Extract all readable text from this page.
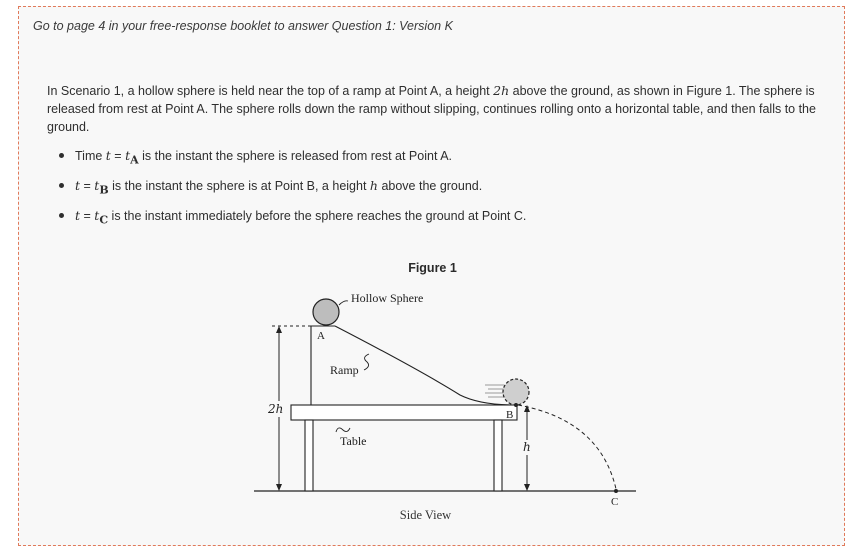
Go to page 4 in your free-response booklet to answer Question 1: Version K
In Scenario 1, a hollow sphere is held near the top of a ramp at Point A, a height 2h above the ground, as shown in Figure 1. The sphere is released from rest at Point A. The sphere rolls down the ramp without slipping, continues rolling onto a horizontal table, and then falls to the ground.
Time $t = t_A$ is the instant the sphere is released from rest at Point A.
$t = t_B$ is the instant the sphere is at Point B, a height h above the ground.
$t = t_C$ is the instant immediately before the sphere reaches the ground at Point C.
Figure 1
2h
A
Hollow Sphere
Ramp
Table
B
h
C
Side View
